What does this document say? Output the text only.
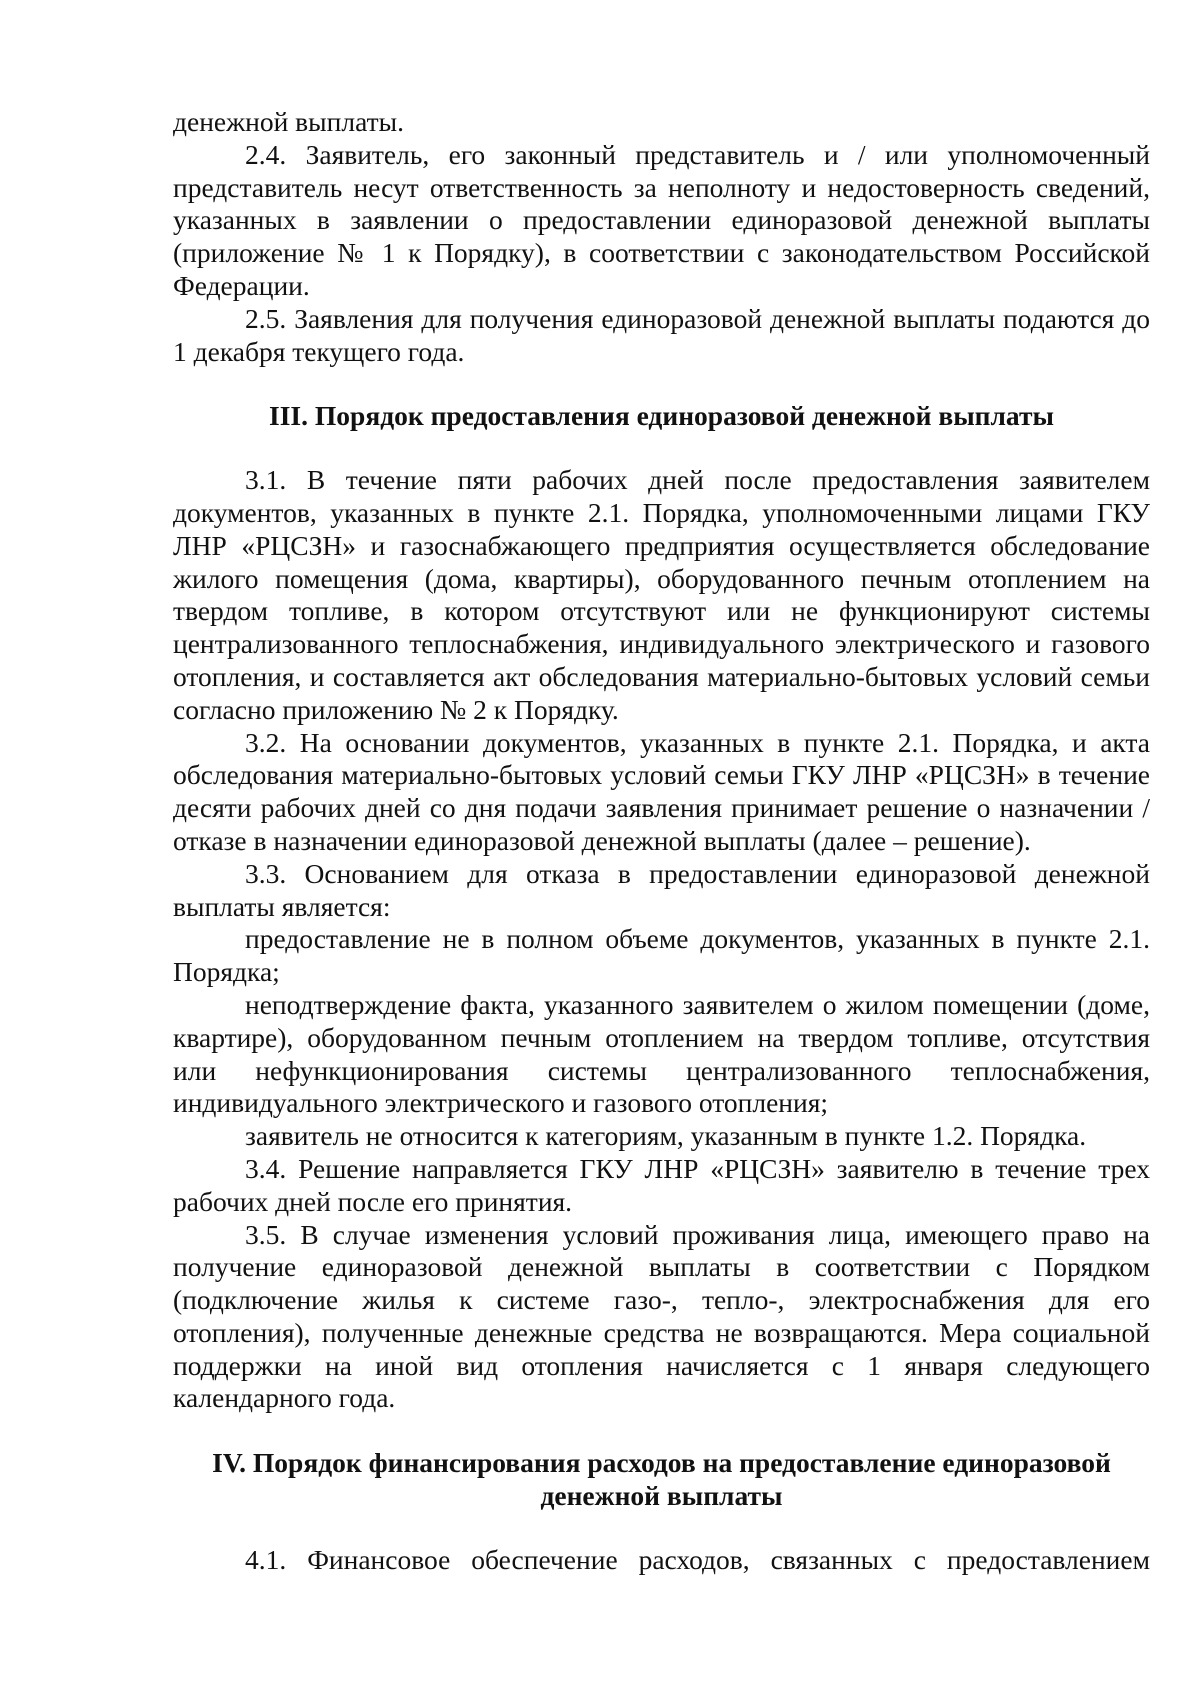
денежной выплаты.

2.4. Заявитель, его законный представитель и / или уполномоченный представитель несут ответственность за неполноту и недостоверность сведений, указанных в заявлении о предоставлении единоразовой денежной выплаты (приложение № 1 к Порядку), в соответствии с законодательством Российской Федерации.

2.5. Заявления для получения единоразовой денежной выплаты подаются до 1 декабря текущего года.

III. Порядок предоставления единоразовой денежной выплаты

3.1. В течение пяти рабочих дней после предоставления заявителем документов, указанных в пункте 2.1. Порядка, уполномоченными лицами ГКУ ЛНР «РЦСЗН» и газоснабжающего предприятия осуществляется обследование жилого помещения (дома, квартиры), оборудованного печным отоплением на твердом топливе, в котором отсутствуют или не функционируют системы централизованного теплоснабжения, индивидуального электрического и газового отопления, и составляется акт обследования материально-бытовых условий семьи согласно приложению № 2 к Порядку.

3.2. На основании документов, указанных в пункте 2.1. Порядка, и акта обследования материально-бытовых условий семьи ГКУ ЛНР «РЦСЗН» в течение десяти рабочих дней со дня подачи заявления принимает решение о назначении / отказе в назначении единоразовой денежной выплаты (далее – решение).

3.3. Основанием для отказа в предоставлении единоразовой денежной выплаты является:

предоставление не в полном объеме документов, указанных в пункте 2.1. Порядка;

неподтверждение факта, указанного заявителем о жилом помещении (доме, квартире), оборудованном печным отоплением на твердом топливе, отсутствия или нефункционирования системы централизованного теплоснабжения, индивидуального электрического и газового отопления;

заявитель не относится к категориям, указанным в пункте 1.2. Порядка.

3.4. Решение направляется ГКУ ЛНР «РЦСЗН» заявителю в течение трех рабочих дней после его принятия.

3.5. В случае изменения условий проживания лица, имеющего право на получение единоразовой денежной выплаты в соответствии с Порядком (подключение жилья к системе газо-, тепло-, электроснабжения для его отопления), полученные денежные средства не возвращаются. Мера социальной поддержки на иной вид отопления начисляется с 1 января следующего календарного года.

IV. Порядок финансирования расходов на предоставление единоразовой денежной выплаты

4.1. Финансовое обеспечение расходов, связанных с предоставлением
